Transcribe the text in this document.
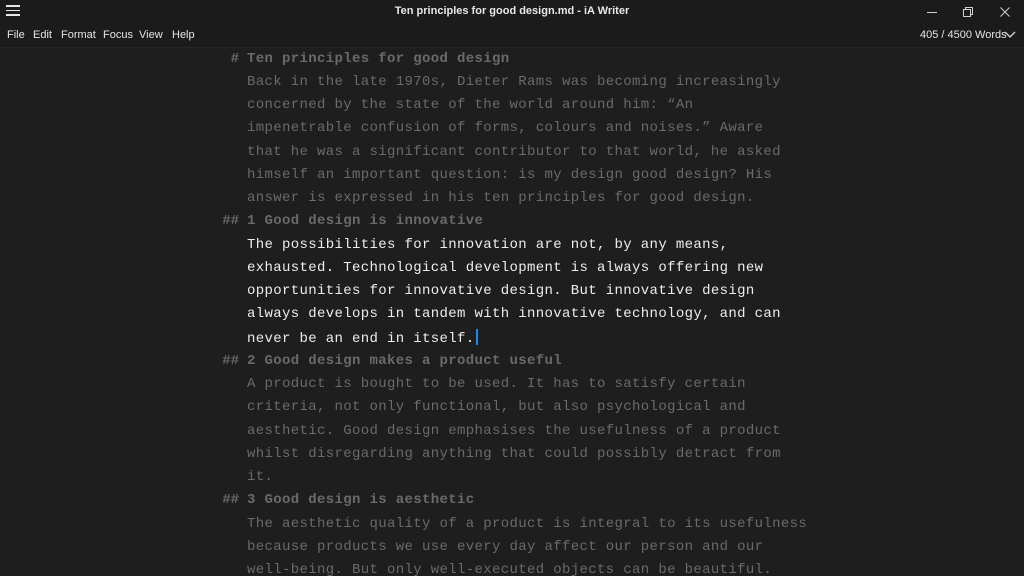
Ten principles for good design.md - iA Writer
File Edit Format Focus View Help	405 / 4500 Words
# Ten principles for good design
Back in the late 1970s, Dieter Rams was becoming increasingly
concerned by the state of the world around him: “An
impenetrable confusion of forms, colours and noises.” Aware
that he was a significant contributor to that world, he asked
himself an important question: is my design good design? His
answer is expressed in his ten principles for good design.
## 1 Good design is innovative
The possibilities for innovation are not, by any means,
exhausted. Technological development is always offering new
opportunities for innovative design. But innovative design
always develops in tandem with innovative technology, and can
never be an end in itself.
## 2 Good design makes a product useful
A product is bought to be used. It has to satisfy certain
criteria, not only functional, but also psychological and
aesthetic. Good design emphasises the usefulness of a product
whilst disregarding anything that could possibly detract from
it.
## 3 Good design is aesthetic
The aesthetic quality of a product is integral to its usefulness
because products we use every day affect our person and our
well-being. But only well-executed objects can be beautiful.
